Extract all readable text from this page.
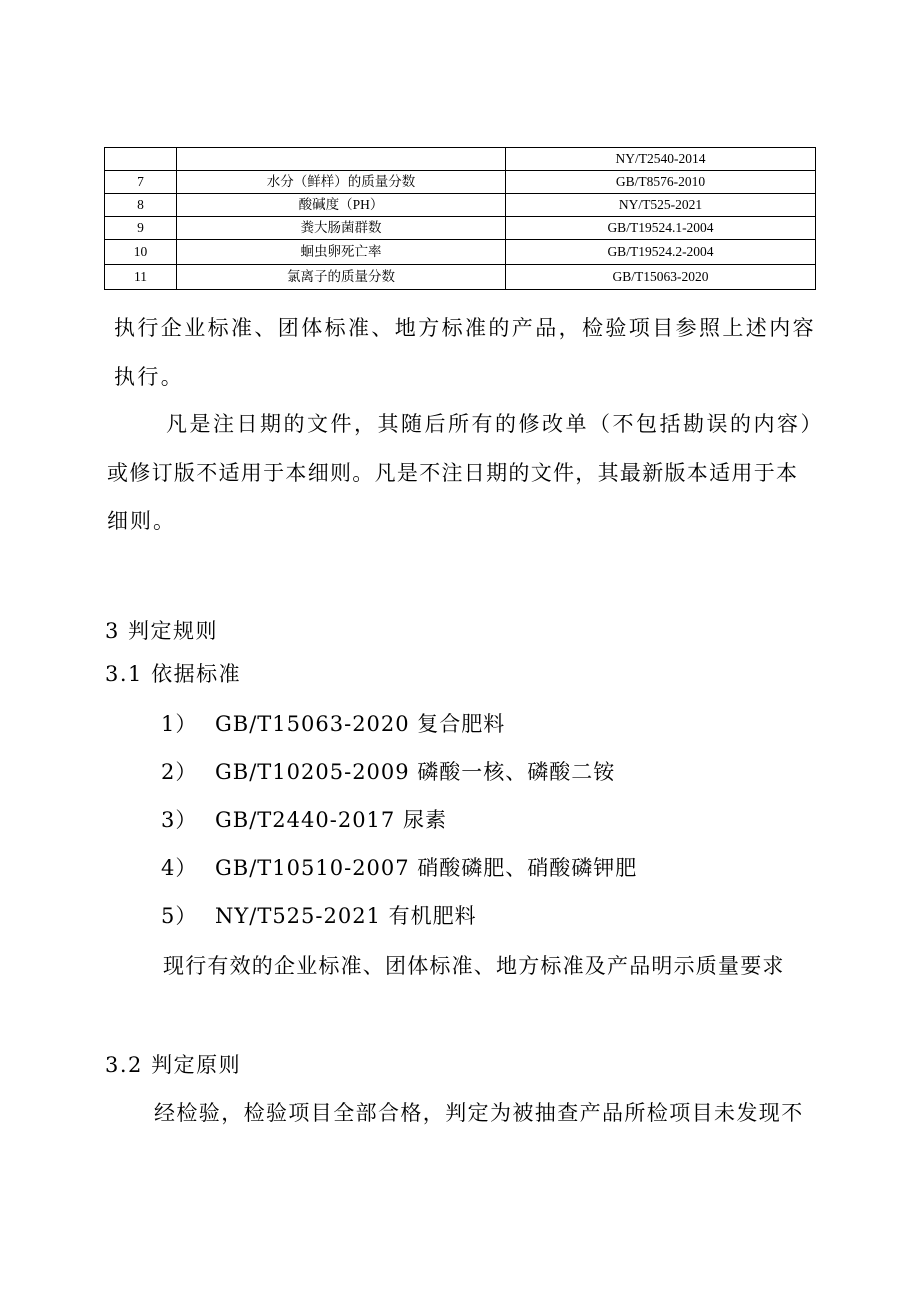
		NY/T2540-2014
7	水分（鲜样）的质量分数	GB/T8576-2010
8	酸碱度（PH）	NY/T525-2021
9	粪大肠菌群数	GB/T19524.1-2004
10	蛔虫卵死亡率	GB/T19524.2-2004
11	氯离子的质量分数	GB/T15063-2020
执行企业标准、团体标准、地方标准的产品，检验项目参照上述内容
执行。
凡是注日期的文件，其随后所有的修改单（不包括勘误的内容）
或修订版不适用于本细则。凡是不注日期的文件，其最新版本适用于本
细则。
3 判定规则
3.1 依据标准
1） GB/T15063-2020 复合肥料
2） GB/T10205-2009 磷酸一核、磷酸二铵
3） GB/T2440-2017 尿素
4） GB/T10510-2007 硝酸磷肥、硝酸磷钾肥
5） NY/T525-2021 有机肥料
现行有效的企业标准、团体标准、地方标准及产品明示质量要求
3.2 判定原则
经检验，检验项目全部合格，判定为被抽查产品所检项目未发现不
